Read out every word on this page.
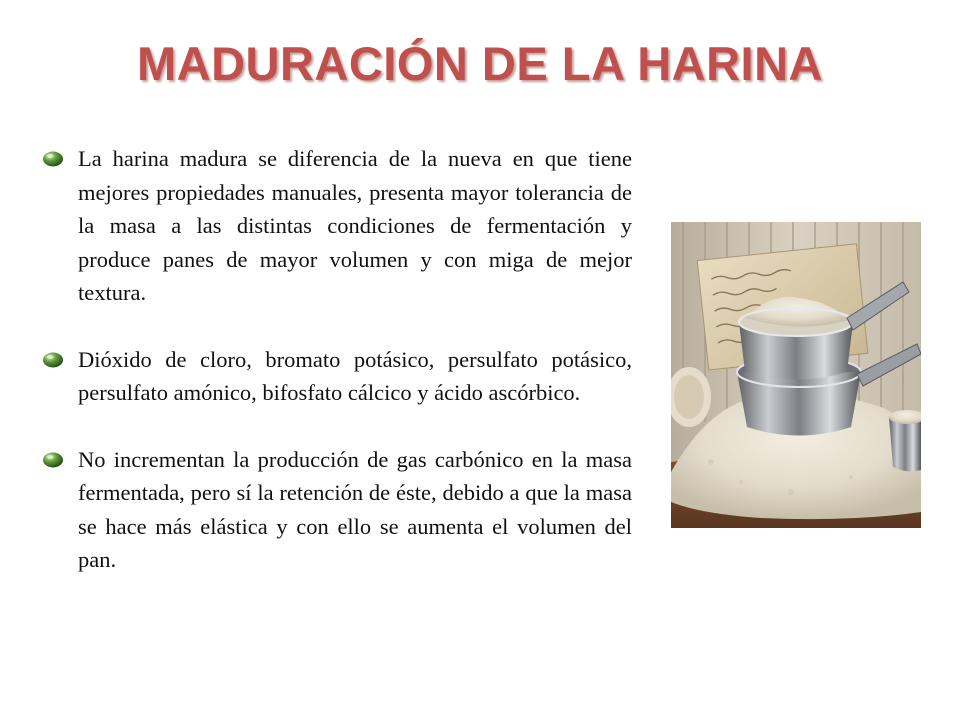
MADURACIÓN DE LA HARINA
La harina madura se diferencia de la nueva en que tiene mejores propiedades manuales, presenta mayor tolerancia de la masa a las distintas condiciones de fermentación y produce panes de mayor volumen y con miga de mejor textura.
Dióxido de cloro, bromato potásico, persulfato potásico, persulfato amónico, bifosfato cálcico y ácido ascórbico.
No incrementan la producción de gas carbónico en la masa fermentada, pero sí la retención de éste, debido a que la masa se hace más elástica y con ello se aumenta el volumen del pan.
